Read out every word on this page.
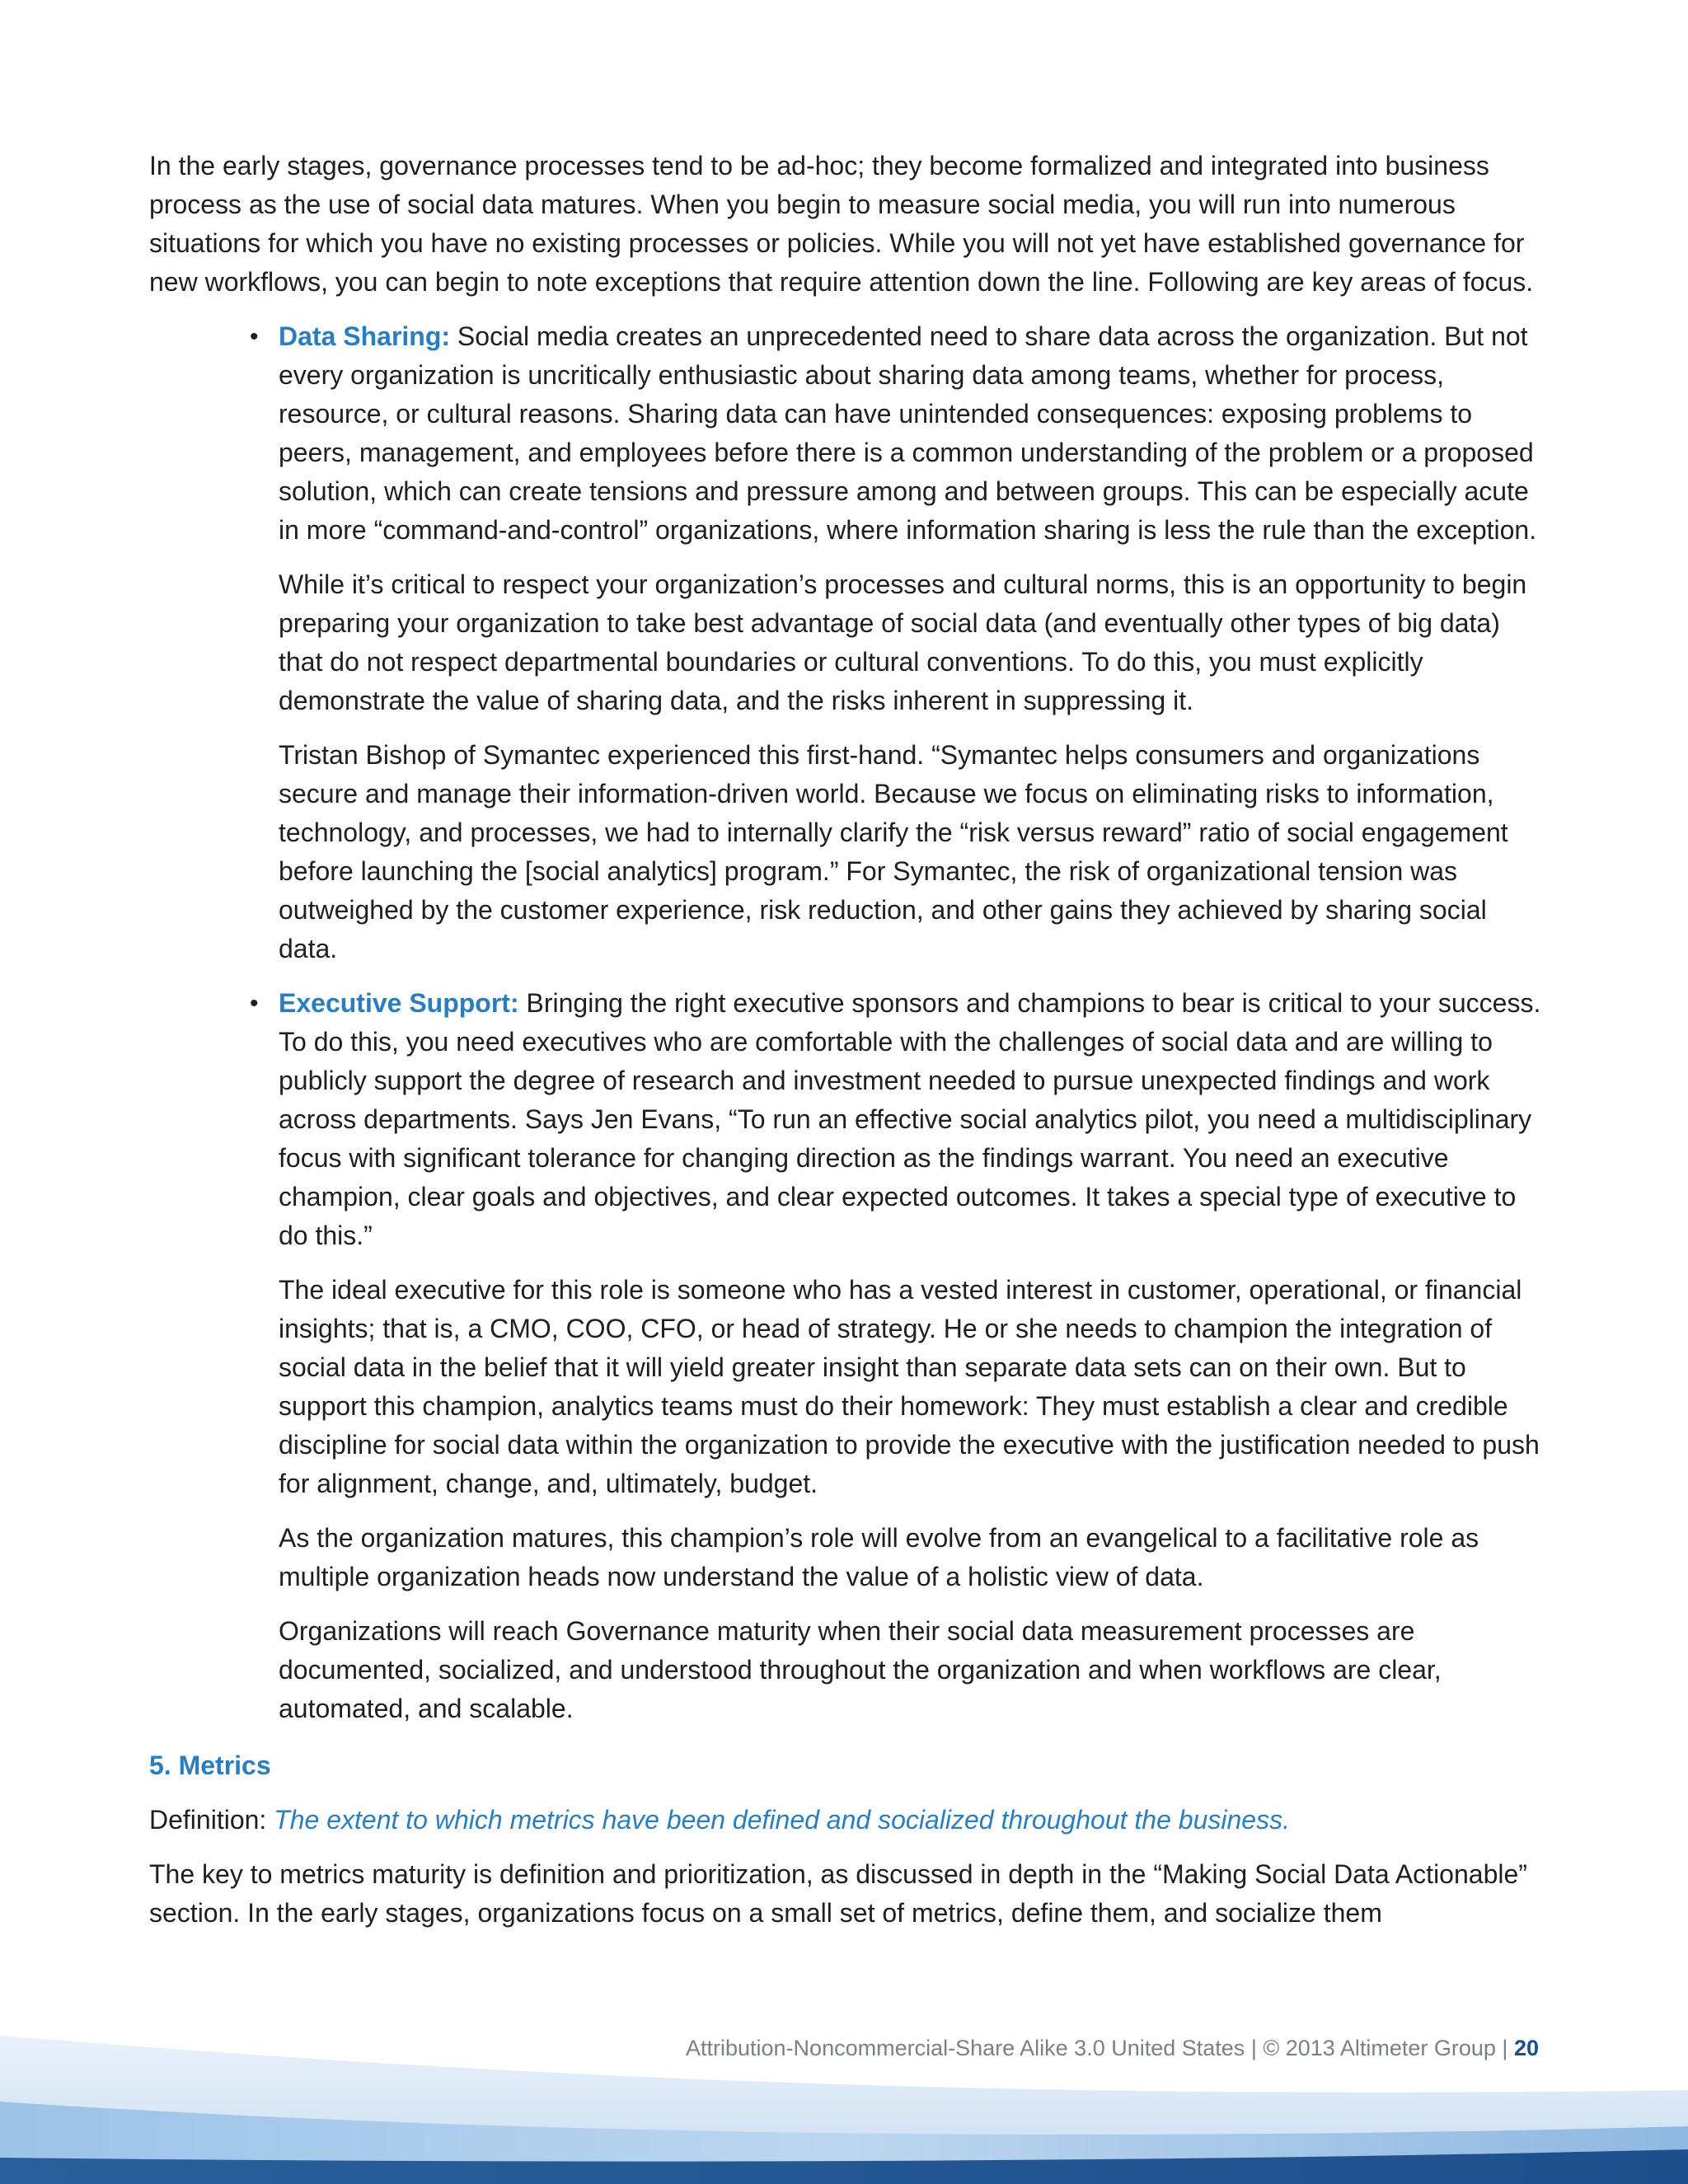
In the early stages, governance processes tend to be ad-hoc; they become formalized and integrated into business process as the use of social data matures. When you begin to measure social media, you will run into numerous situations for which you have no existing processes or policies. While you will not yet have established governance for new workflows, you can begin to note exceptions that require attention down the line. Following are key areas of focus.

• Data Sharing: Social media creates an unprecedented need to share data across the organization. But not every organization is uncritically enthusiastic about sharing data among teams, whether for process, resource, or cultural reasons. Sharing data can have unintended consequences: exposing problems to peers, management, and employees before there is a common understanding of the problem or a proposed solution, which can create tensions and pressure among and between groups. This can be especially acute in more “command-and-control” organizations, where information sharing is less the rule than the exception.

While it’s critical to respect your organization’s processes and cultural norms, this is an opportunity to begin preparing your organization to take best advantage of social data (and eventually other types of big data) that do not respect departmental boundaries or cultural conventions. To do this, you must explicitly demonstrate the value of sharing data, and the risks inherent in suppressing it.

Tristan Bishop of Symantec experienced this first-hand. “Symantec helps consumers and organizations secure and manage their information-driven world. Because we focus on eliminating risks to information, technology, and processes, we had to internally clarify the “risk versus reward” ratio of social engagement before launching the [social analytics] program.” For Symantec, the risk of organizational tension was outweighed by the customer experience, risk reduction, and other gains they achieved by sharing social data.

• Executive Support: Bringing the right executive sponsors and champions to bear is critical to your success. To do this, you need executives who are comfortable with the challenges of social data and are willing to publicly support the degree of research and investment needed to pursue unexpected findings and work across departments. Says Jen Evans, “To run an effective social analytics pilot, you need a multidisciplinary focus with significant tolerance for changing direction as the findings warrant. You need an executive champion, clear goals and objectives, and clear expected outcomes. It takes a special type of executive to do this.”

The ideal executive for this role is someone who has a vested interest in customer, operational, or financial insights; that is, a CMO, COO, CFO, or head of strategy. He or she needs to champion the integration of social data in the belief that it will yield greater insight than separate data sets can on their own. But to support this champion, analytics teams must do their homework: They must establish a clear and credible discipline for social data within the organization to provide the executive with the justification needed to push for alignment, change, and, ultimately, budget.

As the organization matures, this champion’s role will evolve from an evangelical to a facilitative role as multiple organization heads now understand the value of a holistic view of data.

Organizations will reach Governance maturity when their social data measurement processes are documented, socialized, and understood throughout the organization and when workflows are clear, automated, and scalable.

5. Metrics

Definition: The extent to which metrics have been defined and socialized throughout the business.

The key to metrics maturity is definition and prioritization, as discussed in depth in the “Making Social Data Actionable” section. In the early stages, organizations focus on a small set of metrics, define them, and socialize them

Attribution-Noncommercial-Share Alike 3.0 United States | © 2013 Altimeter Group | 20
